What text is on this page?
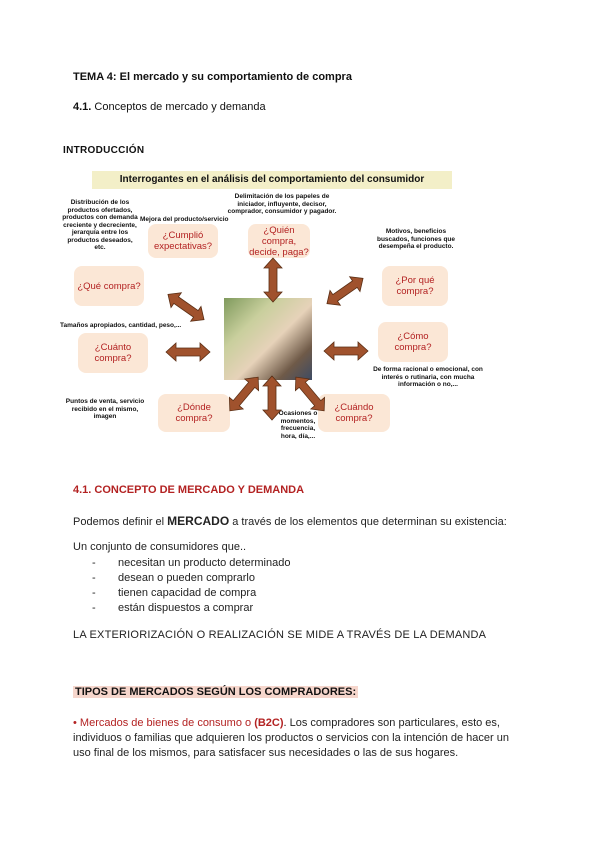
TEMA 4: El mercado y su comportamiento de compra
4.1. Conceptos de mercado y demanda
INTRODUCCIÓN
Interrogantes en el análisis del comportamiento del consumidor
Distribución de los productos ofertados, productos con demanda creciente y decreciente, jerarquía entre los productos deseados, etc.
Mejora del producto/servicio
Delimitación de los papeles de iniciador, influyente, decisor, comprador, consumidor y pagador.
Motivos, beneficios buscados, funciones que desempeña el producto.
Tamaños apropiados, cantidad, peso,...
De forma racional o emocional, con interés o rutinaria, con mucha información o no,...
Puntos de venta, servicio recibido en el mismo, imagen	Ocasiones o momentos, frecuencia, hora, día,...
¿Cumplió expectativas?
¿Quién compra, decide, paga?
¿Qué compra?	¿Por qué compra?
¿Cuánto compra?
¿Cómo compra?
¿Dónde compra?
¿Cuándo compra?
4.1. CONCEPTO DE MERCADO Y DEMANDA
Podemos definir el MERCADO a través de los elementos que determinan su existencia:
Un conjunto de consumidores que..
- necesitan un producto determinado
- desean o pueden comprarlo
- tienen capacidad de compra
- están dispuestos a comprar
LA EXTERIORIZACIÓN O REALIZACIÓN SE MIDE A TRAVÉS DE LA DEMANDA
TIPOS DE MERCADOS SEGÚN LOS COMPRADORES:
• Mercados de bienes de consumo o (B2C). Los compradores son particulares, esto es, individuos o familias que adquieren los productos o servicios con la intención de hacer un uso final de los mismos, para satisfacer sus necesidades o las de sus hogares.
